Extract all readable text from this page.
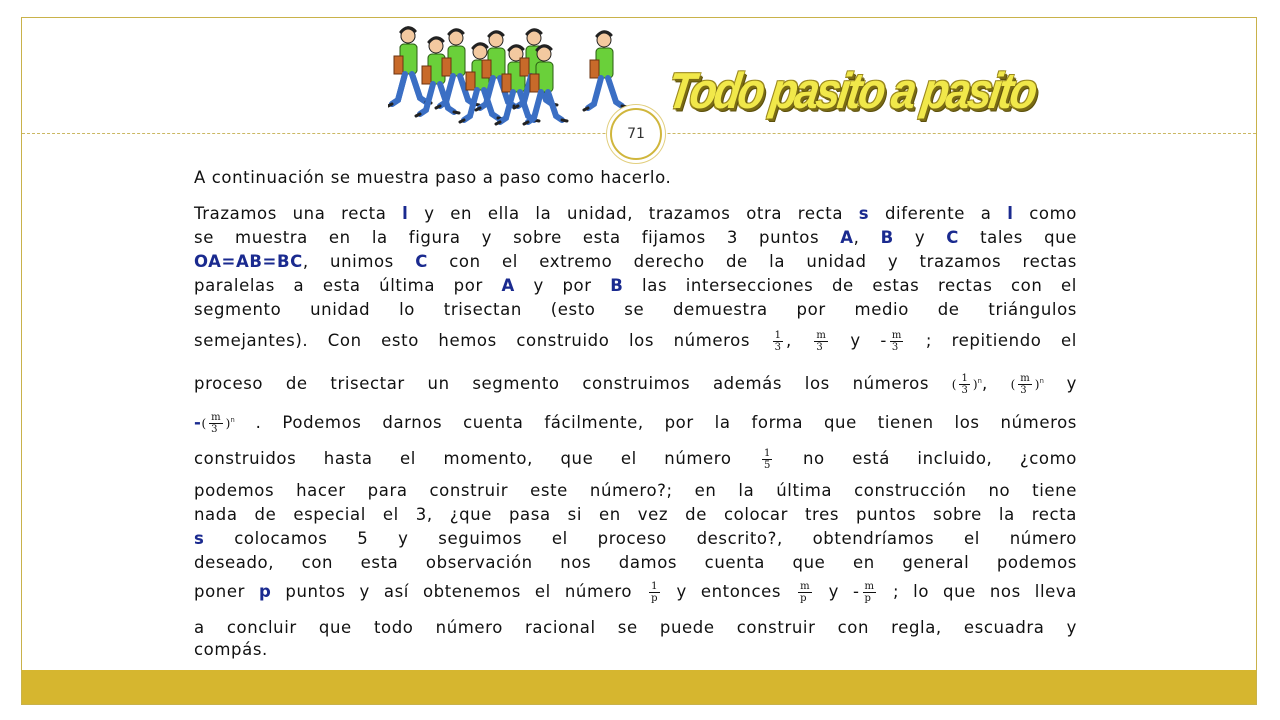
Todo pasito a pasito
71
A continuación se muestra paso a paso como hacerlo.
Trazamos una recta l y en ella la unidad, trazamos otra recta s diferente a l como
se muestra en la figura y sobre esta fijamos 3 puntos A, B y C tales que
OA=AB=BC, unimos C con el extremo derecho de la unidad y trazamos rectas
paralelas a esta última por A y por B las intersecciones de estas rectas con el
segmento unidad lo trisectan (esto se demuestra por medio de triángulos
semejantes). Con esto hemos construido los números $\frac{1}{3}$ , $\frac{m}{3}$ y - $\frac{m}{3}$ ; repitiendo el
proceso de trisectar un segmento construimos además los números ( $\frac{1}{3} )^n$, ( $\frac{m}{3} )^n$ y
-( $\frac{m}{3} )^n$ . Podemos darnos cuenta fácilmente, por la forma que tienen los números
construidos hasta el momento, que el número	$\frac{1}{5}$ no está incluido, ¿como
podemos hacer para construir este número?; en la última construcción no tiene
nada de especial el 3, ¿que pasa si en vez de colocar tres puntos sobre la recta
s colocamos 5 y seguimos el proceso descrito?, obtendríamos el número
deseado, con esta observación nos damos cuenta que en general podemos
poner p puntos y así obtenemos el número $\frac{1}{p}$ y entonces $\frac{m}{p}$ y - $\frac{m}{p}$ ; lo que nos lleva
a concluir que todo número racional se puede construir con regla, escuadra y
compás.
